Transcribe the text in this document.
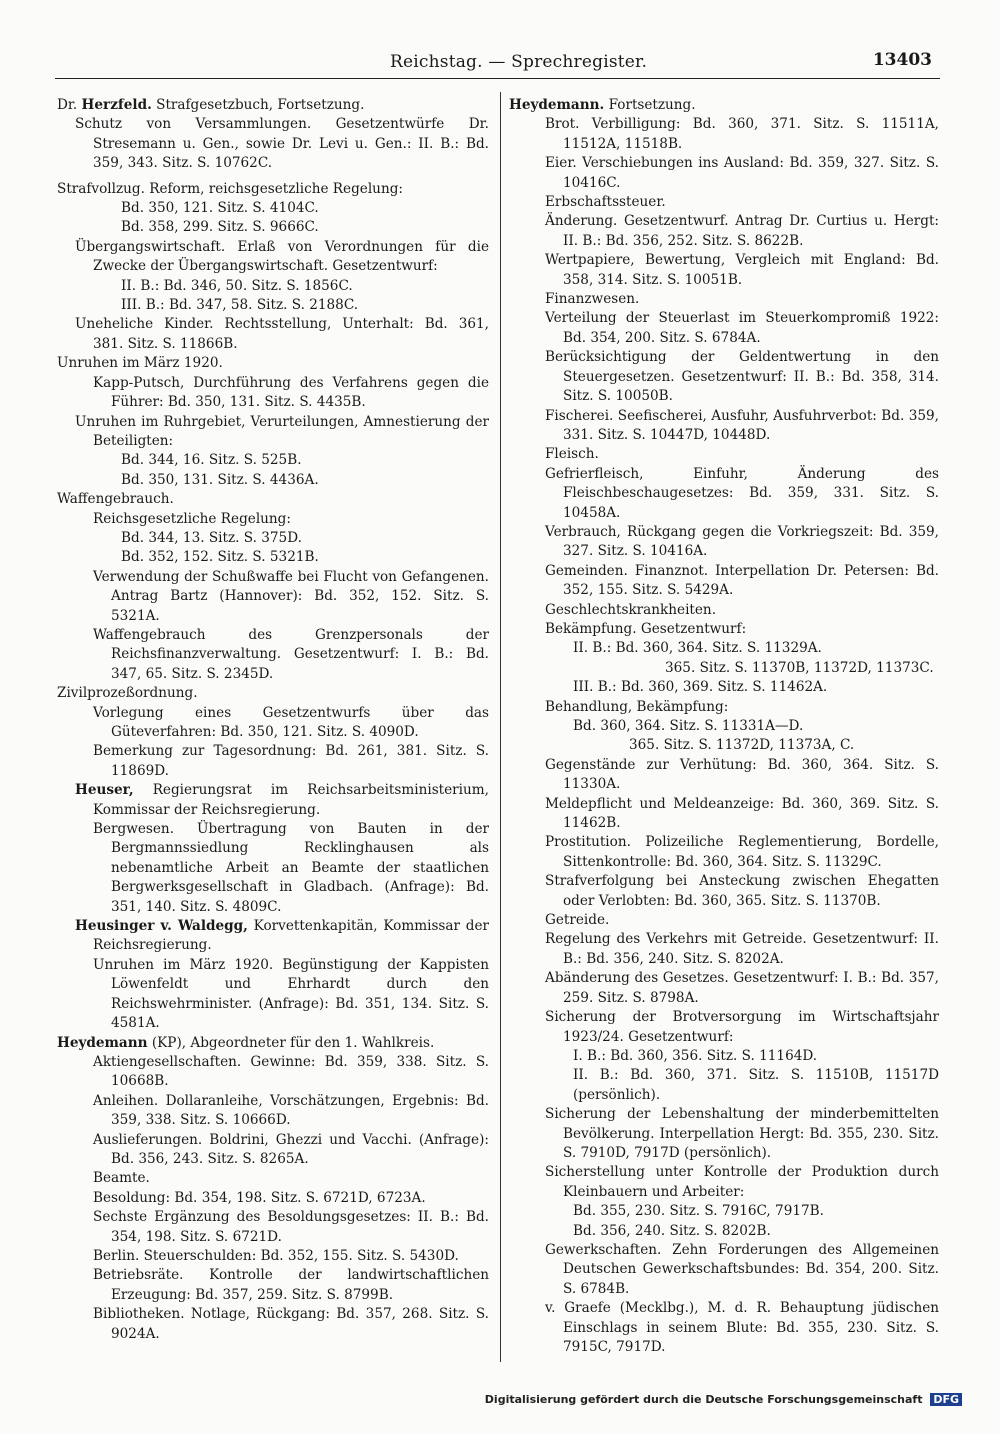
Reichstag. — Sprechregister.	13403

Dr. Herzfeld. Strafgesetzbuch, Fortsetzung.

Schutz von Versammlungen. Gesetzentwürfe Dr. Stresemann u. Gen., sowie Dr. Levi u. Gen.: II. B.: Bd. 359, 343. Sitz. S. 10762C.

Strafvollzug. Reform, reichsgesetzliche Regelung:

Bd. 350, 121. Sitz. S. 4104C.

Bd. 358, 299. Sitz. S. 9666C.

Übergangswirtschaft. Erlaß von Verordnungen für die Zwecke der Übergangswirtschaft. Gesetzentwurf:

II. B.: Bd. 346, 50. Sitz. S. 1856C.

III. B.: Bd. 347, 58. Sitz. S. 2188C.

Uneheliche Kinder. Rechtsstellung, Unterhalt: Bd. 361, 381. Sitz. S. 11866B.

Unruhen im März 1920.

Kapp-Putsch, Durchführung des Verfahrens gegen die Führer: Bd. 350, 131. Sitz. S. 4435B.

Unruhen im Ruhrgebiet, Verurteilungen, Amnestierung der Beteiligten:

Bd. 344, 16. Sitz. S. 525B.

Bd. 350, 131. Sitz. S. 4436A.

Waffengebrauch.

Reichsgesetzliche Regelung:

Bd. 344, 13. Sitz. S. 375D.

Bd. 352, 152. Sitz. S. 5321B.

Verwendung der Schußwaffe bei Flucht von Gefangenen. Antrag Bartz (Hannover): Bd. 352, 152. Sitz. S. 5321A.

Waffengebrauch des Grenzpersonals der Reichsfinanzverwaltung. Gesetzentwurf: I. B.: Bd. 347, 65. Sitz. S. 2345D.

Zivilprozeßordnung.

Vorlegung eines Gesetzentwurfs über das Güteverfahren: Bd. 350, 121. Sitz. S. 4090D.

Bemerkung zur Tagesordnung: Bd. 261, 381. Sitz. S. 11869D.

Heuser, Regierungsrat im Reichsarbeitsministerium, Kommissar der Reichsregierung.

Bergwesen. Übertragung von Bauten in der Bergmannssiedlung Recklinghausen als nebenamtliche Arbeit an Beamte der staatlichen Bergwerksgesellschaft in Gladbach. (Anfrage): Bd. 351, 140. Sitz. S. 4809C.

Heusinger v. Waldegg, Korvettenkapitän, Kommissar der Reichsregierung.

Unruhen im März 1920. Begünstigung der Kappisten Löwenfeldt und Ehrhardt durch den Reichswehrminister. (Anfrage): Bd. 351, 134. Sitz. S. 4581A.

Heydemann (KP), Abgeordneter für den 1. Wahlkreis.

Aktiengesellschaften. Gewinne: Bd. 359, 338. Sitz. S. 10668B.

Anleihen. Dollaranleihe, Vorschätzungen, Ergebnis: Bd. 359, 338. Sitz. S. 10666D.

Auslieferungen. Boldrini, Ghezzi und Vacchi. (Anfrage): Bd. 356, 243. Sitz. S. 8265A.

Beamte.

Besoldung: Bd. 354, 198. Sitz. S. 6721D, 6723A.

Sechste Ergänzung des Besoldungsgesetzes: II. B.: Bd. 354, 198. Sitz. S. 6721D.

Berlin. Steuerschulden: Bd. 352, 155. Sitz. S. 5430D.

Betriebsräte. Kontrolle der landwirtschaftlichen Erzeugung: Bd. 357, 259. Sitz. S. 8799B.

Bibliotheken. Notlage, Rückgang: Bd. 357, 268. Sitz. S. 9024A.

Heydemann. Fortsetzung.

Brot. Verbilligung: Bd. 360, 371. Sitz. S. 11511A, 11512A, 11518B.

Eier. Verschiebungen ins Ausland: Bd. 359, 327. Sitz. S. 10416C.

Erbschaftssteuer.

Änderung. Gesetzentwurf. Antrag Dr. Curtius u. Hergt: II. B.: Bd. 356, 252. Sitz. S. 8622B.

Wertpapiere, Bewertung, Vergleich mit England: Bd. 358, 314. Sitz. S. 10051B.

Finanzwesen.

Verteilung der Steuerlast im Steuerkompromiß 1922: Bd. 354, 200. Sitz. S. 6784A.

Berücksichtigung der Geldentwertung in den Steuergesetzen. Gesetzentwurf: II. B.: Bd. 358, 314. Sitz. S. 10050B.

Fischerei. Seefischerei, Ausfuhr, Ausfuhrverbot: Bd. 359, 331. Sitz. S. 10447D, 10448D.

Fleisch.

Gefrierfleisch, Einfuhr, Änderung des Fleischbeschaugesetzes: Bd. 359, 331. Sitz. S. 10458A.

Verbrauch, Rückgang gegen die Vorkriegszeit: Bd. 359, 327. Sitz. S. 10416A.

Gemeinden. Finanznot. Interpellation Dr. Petersen: Bd. 352, 155. Sitz. S. 5429A.

Geschlechtskrankheiten.

Bekämpfung. Gesetzentwurf:

II. B.: Bd. 360, 364. Sitz. S. 11329A.

365. Sitz. S. 11370B, 11372D, 11373C.

III. B.: Bd. 360, 369. Sitz. S. 11462A.

Behandlung, Bekämpfung:

Bd. 360, 364. Sitz. S. 11331A—D.

365. Sitz. S. 11372D, 11373A, C.

Gegenstände zur Verhütung: Bd. 360, 364. Sitz. S. 11330A.

Meldepflicht und Meldeanzeige: Bd. 360, 369. Sitz. S. 11462B.

Prostitution. Polizeiliche Reglementierung, Bordelle, Sittenkontrolle: Bd. 360, 364. Sitz. S. 11329C.

Strafverfolgung bei Ansteckung zwischen Ehegatten oder Verlobten: Bd. 360, 365. Sitz. S. 11370B.

Getreide.

Regelung des Verkehrs mit Getreide. Gesetzentwurf: II. B.: Bd. 356, 240. Sitz. S. 8202A.

Abänderung des Gesetzes. Gesetzentwurf: I. B.: Bd. 357, 259. Sitz. S. 8798A.

Sicherung der Brotversorgung im Wirtschaftsjahr 1923/24. Gesetzentwurf:

I. B.: Bd. 360, 356. Sitz. S. 11164D.

II. B.: Bd. 360, 371. Sitz. S. 11510B, 11517D (persönlich).

Sicherung der Lebenshaltung der minderbemittelten Bevölkerung. Interpellation Hergt: Bd. 355, 230. Sitz. S. 7910D, 7917D (persönlich).

Sicherstellung unter Kontrolle der Produktion durch Kleinbauern und Arbeiter:

Bd. 355, 230. Sitz. S. 7916C, 7917B.

Bd. 356, 240. Sitz. S. 8202B.

Gewerkschaften. Zehn Forderungen des Allgemeinen Deutschen Gewerkschaftsbundes: Bd. 354, 200. Sitz. S. 6784B.

v. Graefe (Mecklbg.), M. d. R. Behauptung jüdischen Einschlags in seinem Blute: Bd. 355, 230. Sitz. S. 7915C, 7917D.

Digitalisierung gefördert durch die Deutsche Forschungsgemeinschaft DFG
